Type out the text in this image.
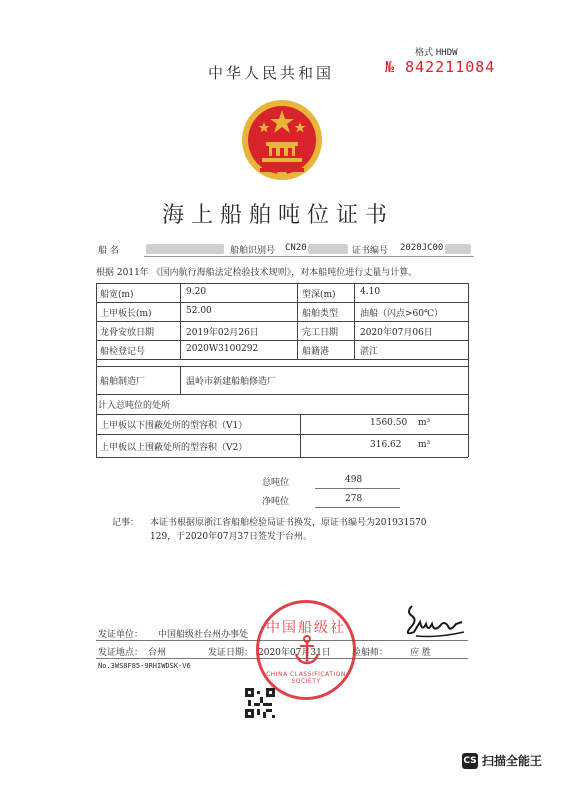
格式 HHDW
№ 842211084
中华人民共和国
海上船舶吨位证书
船 名	船舶识别号 CN20	证书编号 2020JC00
根据 2011年 《国内航行海船法定检验技术规则》，对本船吨位进行丈量与计算。
船宽(m)	9.20	型深(m)	4.10
上甲板长(m)	52.00	船舶类型 油船（闪点>60℃）
龙骨安放日期	2019年02月26日	完工日期 2020年07月06日
船检登记号	2020W3100292	船籍港	湛江
船舶制造厂	温岭市新建船舶修造厂
计入总吨位的处所
上甲板以下围蔽处所的型容积（V1）	1560.50 m³
上甲板以上围蔽处所的型容积（V2）	316.62 m³
总吨位	498
净吨位	278
记事： 本证书根据原浙江省船舶检验局证书换发，原证书编号为201931570
129，于2020年07月37日签发于台州。
发证单位： 中国船级社台州办事处
发证地点： 台州	发证日期： 2020年07月31日 验船师： 应 胜
No.3WS8F85-9RHIWDSK-V6
中国船级社
CHINA CLASSIFICATION SOCIETY
CS 扫描全能王
